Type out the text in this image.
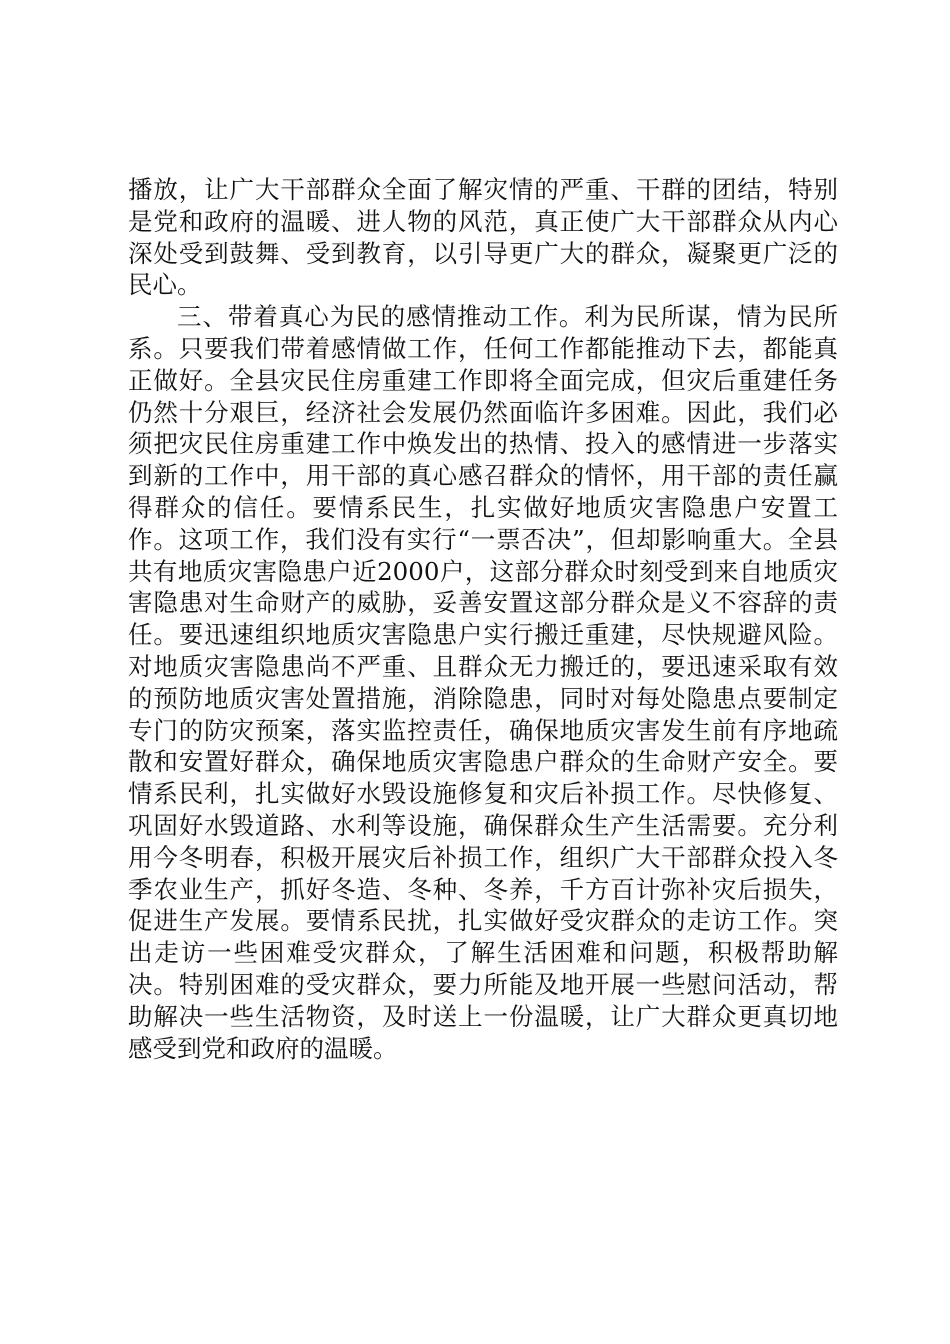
播放，让广大干部群众全面了解灾情的严重、干群的团结，特别是党和政府的温暖、进人物的风范，真正使广大干部群众从内心深处受到鼓舞、受到教育，以引导更广大的群众，凝聚更广泛的民心。

三、带着真心为民的感情推动工作。利为民所谋，情为民所系。只要我们带着感情做工作，任何工作都能推动下去，都能真正做好。全县灾民住房重建工作即将全面完成，但灾后重建任务仍然十分艰巨，经济社会发展仍然面临许多困难。因此，我们必须把灾民住房重建工作中焕发出的热情、投入的感情进一步落实到新的工作中，用干部的真心感召群众的情怀，用干部的责任赢得群众的信任。要情系民生，扎实做好地质灾害隐患户安置工作。这项工作，我们没有实行“一票否决”，但却影响重大。全县共有地质灾害隐患户近2000户，这部分群众时刻受到来自地质灾害隐患对生命财产的威胁，妥善安置这部分群众是义不容辞的责任。要迅速组织地质灾害隐患户实行搬迁重建，尽快规避风险。对地质灾害隐患尚不严重、且群众无力搬迁的，要迅速采取有效的预防地质灾害处置措施，消除隐患，同时对每处隐患点要制定专门的防灾预案，落实监控责任，确保地质灾害发生前有序地疏散和安置好群众，确保地质灾害隐患户群众的生命财产安全。要情系民利，扎实做好水毁设施修复和灾后补损工作。尽快修复、巩固好水毁道路、水利等设施，确保群众生产生活需要。充分利用今冬明春，积极开展灾后补损工作，组织广大干部群众投入冬季农业生产，抓好冬造、冬种、冬养，千方百计弥补灾后损失，促进生产发展。要情系民扰，扎实做好受灾群众的走访工作。突出走访一些困难受灾群众，了解生活困难和问题，积极帮助解决。特别困难的受灾群众，要力所能及地开展一些慰问活动，帮助解决一些生活物资，及时送上一份温暖，让广大群众更真切地感受到党和政府的温暖。
